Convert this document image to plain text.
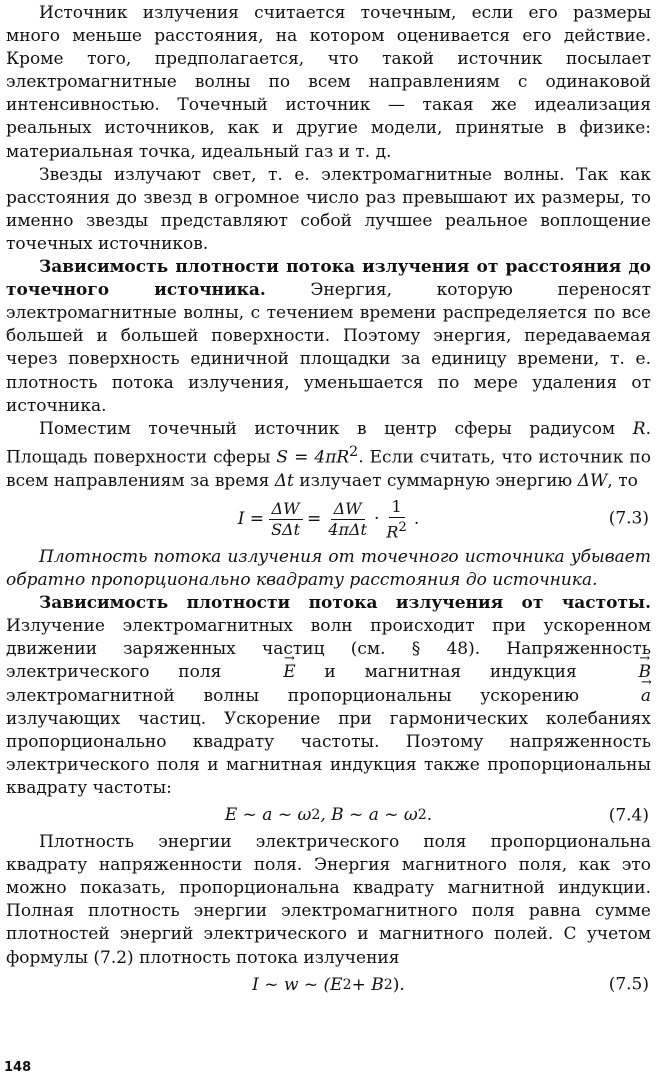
Источник излучения считается точечным, если его размеры много меньше расстояния, на котором оценивается его действие. Кроме того, предполагается, что такой источник посылает электромагнитные волны по всем направлениям с одинаковой интенсивностью. Точечный источник — такая же идеализация реальных источников, как и другие модели, принятые в физике: материальная точка, идеальный газ и т. д.

Звезды излучают свет, т. е. электромагнитные волны. Так как расстояния до звезд в огромное число раз превышают их размеры, то именно звезды представляют собой лучшее реальное воплощение точечных источников.

Зависимость плотности потока излучения от расстояния до точечного источника. Энергия, которую переносят электромагнитные волны, с течением времени распределяется по все большей и большей поверхности. Поэтому энергия, передаваемая через поверхность единичной площадки за единицу времени, т. е. плотность потока излучения, уменьшается по мере удаления от источника.

Поместим точечный источник в центр сферы радиусом R. Площадь поверхности сферы $S = 4\pi R^2$. Если считать, что источник по всем направлениям за время Δt излучает суммарную энергию ΔW, то

I =
ΔW
SΔt
=
ΔW
4πΔt
·
1
$R^2$ .	(7.3)

Плотность потока излучения от точечного источника убывает обратно пропорционально квадрату расстояния до источника.

Зависимость плотности потока излучения от частоты. Излучение электромагнитных волн происходит при ускоренном движении заряженных частиц (см. § 48). Напряженность электрического поля → E и магнитная индукция → B электромагнитной волны пропорциональны ускорению → a излучающих частиц. Ускорение при гармонических колебаниях пропорционально квадрату частоты. Поэтому напряженность электрического поля и магнитная индукция также пропорциональны квадрату частоты:

E ~ a ~ ω 2 , B ~ a ~ ω 2 .	(7.4)

Плотность энергии электрического поля пропорциональна квадрату напряженности поля. Энергия магнитного поля, как это можно показать, пропорциональна квадрату магнитной индукции. Полная плотность энергии электромагнитного поля равна сумме плотностей энергий электрического и магнитного полей. С учетом формулы (7.2) плотность потока излучения

I ~ w ~ (E 2 + B 2 ).	(7.5)
148
